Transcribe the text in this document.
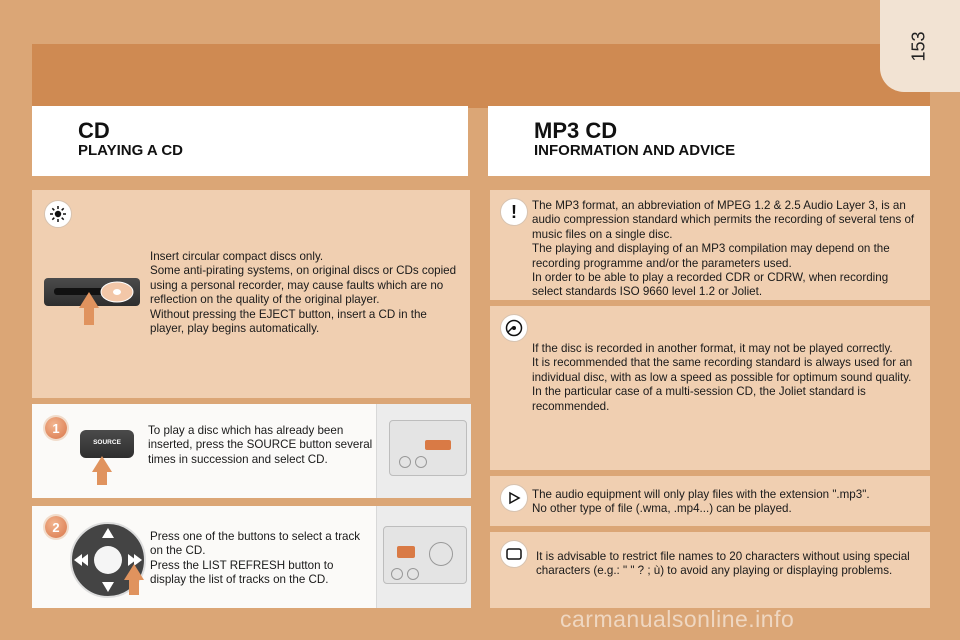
153
CD
PLAYING A CD
MP3 CD
INFORMATION AND ADVICE
Insert circular compact discs only.
Some anti-pirating systems, on original discs or CDs copied using a personal recorder, may cause faults which are no reflection on the quality of the original player.
Without pressing the EJECT button, insert a CD in the player, play begins automatically.
1
SOURCE
To play a disc which has already been inserted, press the SOURCE button several times in succession and select CD.
2
Press one of the buttons to select a track on the CD.
Press the LIST REFRESH button to display the list of tracks on the CD.
! The MP3 format, an abbreviation of MPEG 1.2 & 2.5 Audio Layer 3, is an audio compression standard which permits the recording of several tens of music files on a single disc.
The playing and displaying of an MP3 compilation may depend on the recording programme and/or the parameters used.
In order to be able to play a recorded CDR or CDRW, when recording select standards ISO 9660 level 1.2 or Joliet.
If the disc is recorded in another format, it may not be played correctly.
It is recommended that the same recording standard is always used for an individual disc, with as low a speed as possible for optimum sound quality.
In the particular case of a multi-session CD, the Joliet standard is recommended.
The audio equipment will only play files with the extension ".mp3".
No other type of file (.wma, .mp4...) can be played.
It is advisable to restrict file names to 20 characters without using special characters (e.g.: " " ? ; ù) to avoid any playing or displaying problems.
carmanualsonline.info
